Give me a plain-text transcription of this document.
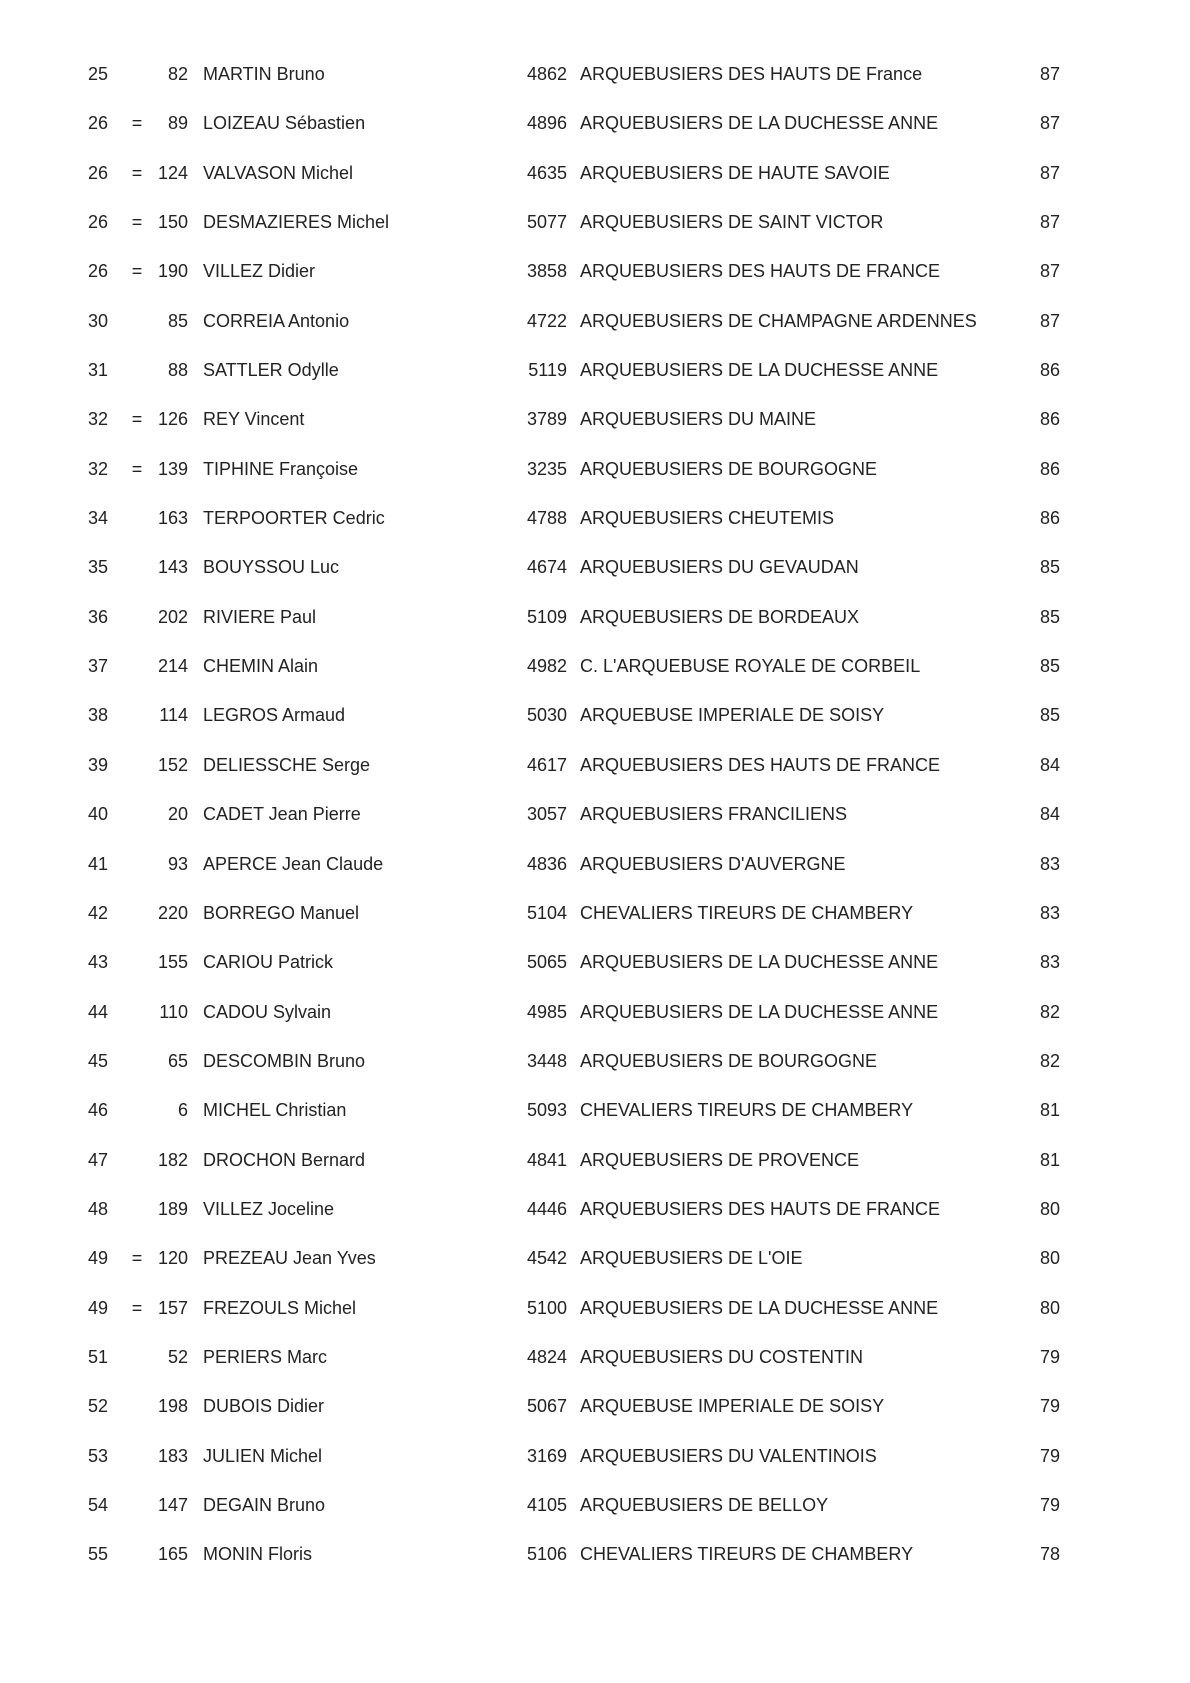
25	82 MARTIN Bruno	4862 ARQUEBUSIERS DES HAUTS DE France	87
26 =	89 LOIZEAU Sébastien	4896 ARQUEBUSIERS DE LA DUCHESSE ANNE	87
26 = 124 VALVASON Michel	4635 ARQUEBUSIERS DE HAUTE SAVOIE	87
26 = 150 DESMAZIERES Michel	5077 ARQUEBUSIERS DE SAINT VICTOR	87
26 = 190 VILLEZ Didier	3858 ARQUEBUSIERS DES HAUTS DE FRANCE	87
30	85 CORREIA Antonio	4722 ARQUEBUSIERS DE CHAMPAGNE ARDENNES	87
31	88 SATTLER Odylle	5119 ARQUEBUSIERS DE LA DUCHESSE ANNE	86
32 = 126 REY Vincent	3789 ARQUEBUSIERS DU MAINE	86
32 = 139 TIPHINE Françoise	3235 ARQUEBUSIERS DE BOURGOGNE	86
34	163 TERPOORTER Cedric	4788 ARQUEBUSIERS CHEUTEMIS	86
35	143 BOUYSSOU Luc	4674 ARQUEBUSIERS DU GEVAUDAN	85
36	202 RIVIERE Paul	5109 ARQUEBUSIERS DE BORDEAUX	85
37	214 CHEMIN Alain	4982 C. L'ARQUEBUSE ROYALE DE CORBEIL	85
38	114 LEGROS Armaud	5030 ARQUEBUSE IMPERIALE DE SOISY	85
39	152 DELIESSCHE Serge	4617 ARQUEBUSIERS DES HAUTS DE FRANCE	84
40	20 CADET Jean Pierre	3057 ARQUEBUSIERS FRANCILIENS	84
41	93 APERCE Jean Claude	4836 ARQUEBUSIERS D'AUVERGNE	83
42	220 BORREGO Manuel	5104 CHEVALIERS TIREURS DE CHAMBERY	83
43	155 CARIOU Patrick	5065 ARQUEBUSIERS DE LA DUCHESSE ANNE	83
44	110 CADOU Sylvain	4985 ARQUEBUSIERS DE LA DUCHESSE ANNE	82
45	65 DESCOMBIN Bruno	3448 ARQUEBUSIERS DE BOURGOGNE	82
46	6 MICHEL Christian	5093 CHEVALIERS TIREURS DE CHAMBERY	81
47	182 DROCHON Bernard	4841 ARQUEBUSIERS DE PROVENCE	81
48	189 VILLEZ Joceline	4446 ARQUEBUSIERS DES HAUTS DE FRANCE	80
49 = 120 PREZEAU Jean Yves	4542 ARQUEBUSIERS DE L'OIE	80
49 = 157 FREZOULS Michel	5100 ARQUEBUSIERS DE LA DUCHESSE ANNE	80
51	52 PERIERS Marc	4824 ARQUEBUSIERS DU COSTENTIN	79
52	198 DUBOIS Didier	5067 ARQUEBUSE IMPERIALE DE SOISY	79
53	183 JULIEN Michel	3169 ARQUEBUSIERS DU VALENTINOIS	79
54	147 DEGAIN Bruno	4105 ARQUEBUSIERS DE BELLOY	79
55	165 MONIN Floris	5106 CHEVALIERS TIREURS DE CHAMBERY	78
